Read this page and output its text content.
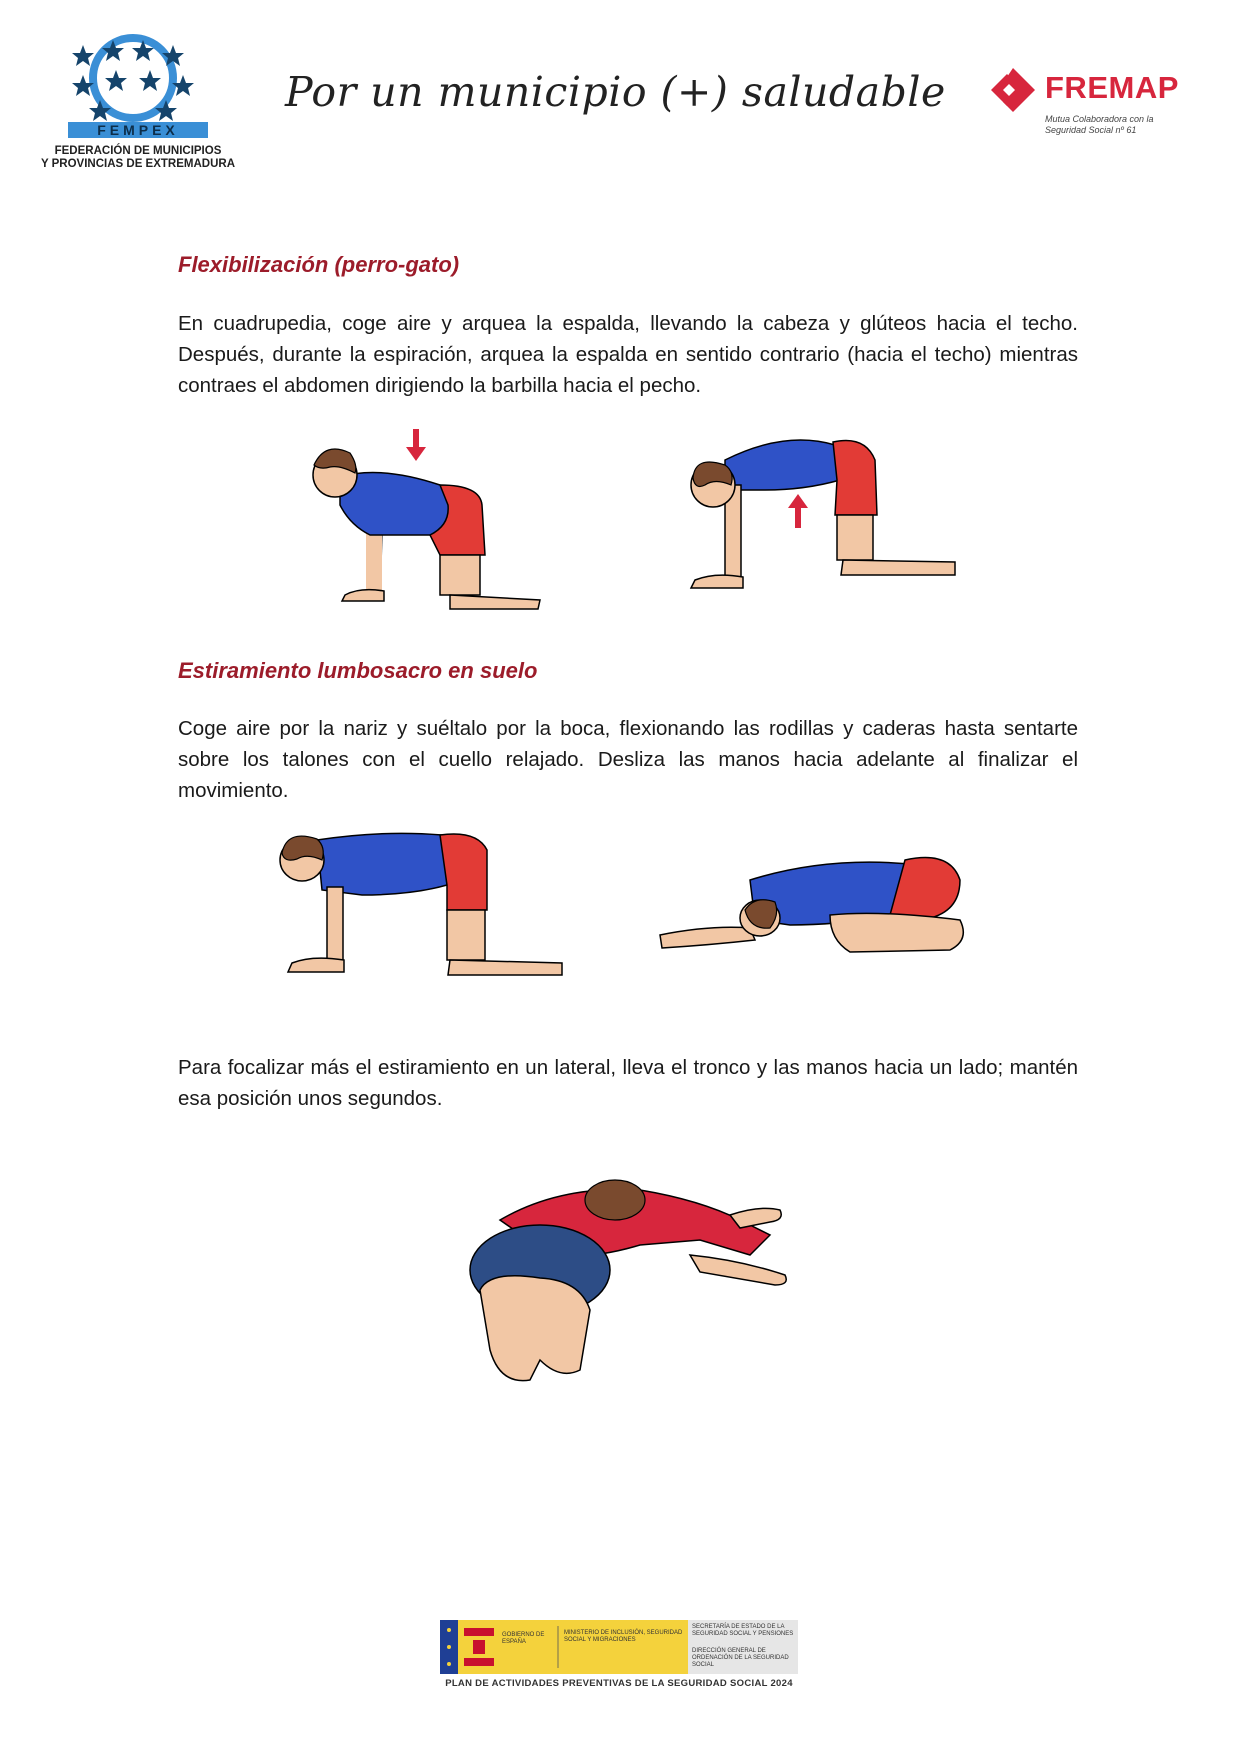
FEMPEX
FEDERACIÓN DE MUNICIPIOS
Y PROVINCIAS DE EXTREMADURA
Por un municipio (+) saludable	FREMAP
Mutua Colaboradora con la
Seguridad Social nº 61
Flexibilización (perro-gato)
En cuadrupedia, coge aire y arquea la espalda, llevando la cabeza y glúteos hacia el techo. Después, durante la espiración, arquea la espalda en sentido contrario (hacia el techo) mientras contraes el abdomen dirigiendo la barbilla hacia el pecho.
Estiramiento lumbosacro en suelo
Coge aire por la nariz y suéltalo por la boca, flexionando las rodillas y caderas hasta sentarte sobre los talones con el cuello relajado. Desliza las manos hacia adelante al finalizar el movimiento.
Para focalizar más el estiramiento en un lateral, lleva el tronco y las manos hacia un lado; mantén esa posición unos segundos.
GOBIERNO DE ESPAÑA
MINISTERIO DE INCLUSIÓN, SEGURIDAD SOCIAL Y MIGRACIONES
SECRETARÍA DE ESTADO DE LA SEGURIDAD SOCIAL Y PENSIONES
DIRECCIÓN GENERAL DE ORDENACIÓN DE LA SEGURIDAD SOCIAL
PLAN DE ACTIVIDADES PREVENTIVAS DE LA SEGURIDAD SOCIAL 2024
